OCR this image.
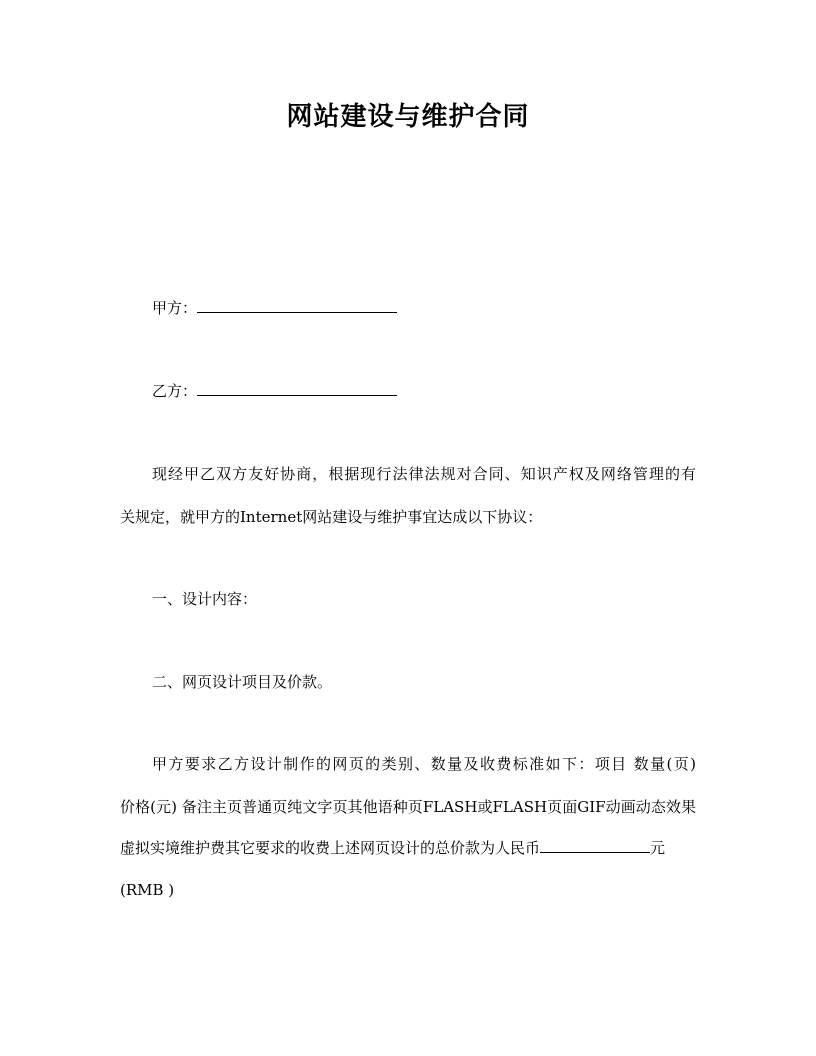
网站建设与维护合同
甲方：
乙方：
现经甲乙双方友好协商，根据现行法律法规对合同、知识产权及网络管理的有
关规定，就甲方的Internet网站建设与维护事宜达成以下协议：
一、设计内容：
二、网页设计项目及价款。
甲方要求乙方设计制作的网页的类别、数量及收费标准如下：项目 数量(页)
价格(元) 备注主页普通页纯文字页其他语种页FLASH或FLASH页面GIF动画动态效果
虚拟实境维护费其它要求的收费上述网页设计的总价款为人民币	元
(RMB )
